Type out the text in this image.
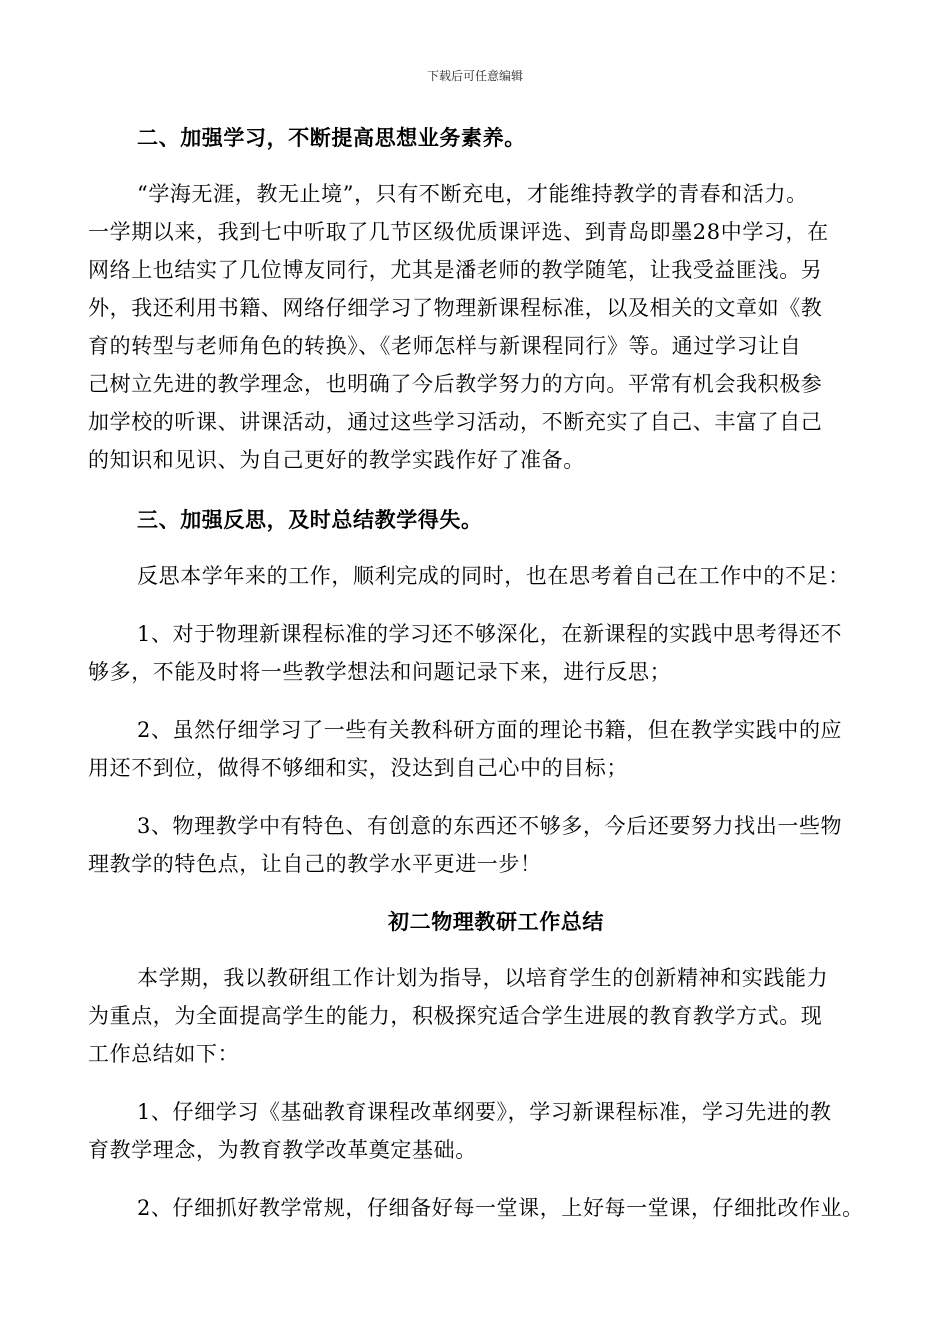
下载后可任意编辑
二、加强学习，不断提高思想业务素养。
“学海无涯，教无止境”，只有不断充电，才能维持教学的青春和活力。
一学期以来，我到七中听取了几节区级优质课评选、到青岛即墨28中学习，在
网络上也结实了几位博友同行，尤其是潘老师的教学随笔，让我受益匪浅。另
外，我还利用书籍、网络仔细学习了物理新课程标准，以及相关的文章如《教
育的转型与老师角色的转换》、《老师怎样与新课程同行》等。通过学习让自
己树立先进的教学理念，也明确了今后教学努力的方向。平常有机会我积极参
加学校的听课、讲课活动，通过这些学习活动，不断充实了自己、丰富了自己
的知识和见识、为自己更好的教学实践作好了准备。
三、加强反思，及时总结教学得失。
反思本学年来的工作，顺利完成的同时，也在思考着自己在工作中的不足：
1、对于物理新课程标准的学习还不够深化，在新课程的实践中思考得还不
够多，不能及时将一些教学想法和问题记录下来，进行反思；
2、虽然仔细学习了一些有关教科研方面的理论书籍，但在教学实践中的应
用还不到位，做得不够细和实，没达到自己心中的目标；
3、物理教学中有特色、有创意的东西还不够多，今后还要努力找出一些物
理教学的特色点，让自己的教学水平更进一步！
初二物理教研工作总结
本学期，我以教研组工作计划为指导，以培育学生的创新精神和实践能力
为重点，为全面提高学生的能力，积极探究适合学生进展的教育教学方式。现
工作总结如下：
1、仔细学习《基础教育课程改革纲要》，学习新课程标准，学习先进的教
育教学理念，为教育教学改革奠定基础。
2、仔细抓好教学常规，仔细备好每一堂课，上好每一堂课，仔细批改作业。
